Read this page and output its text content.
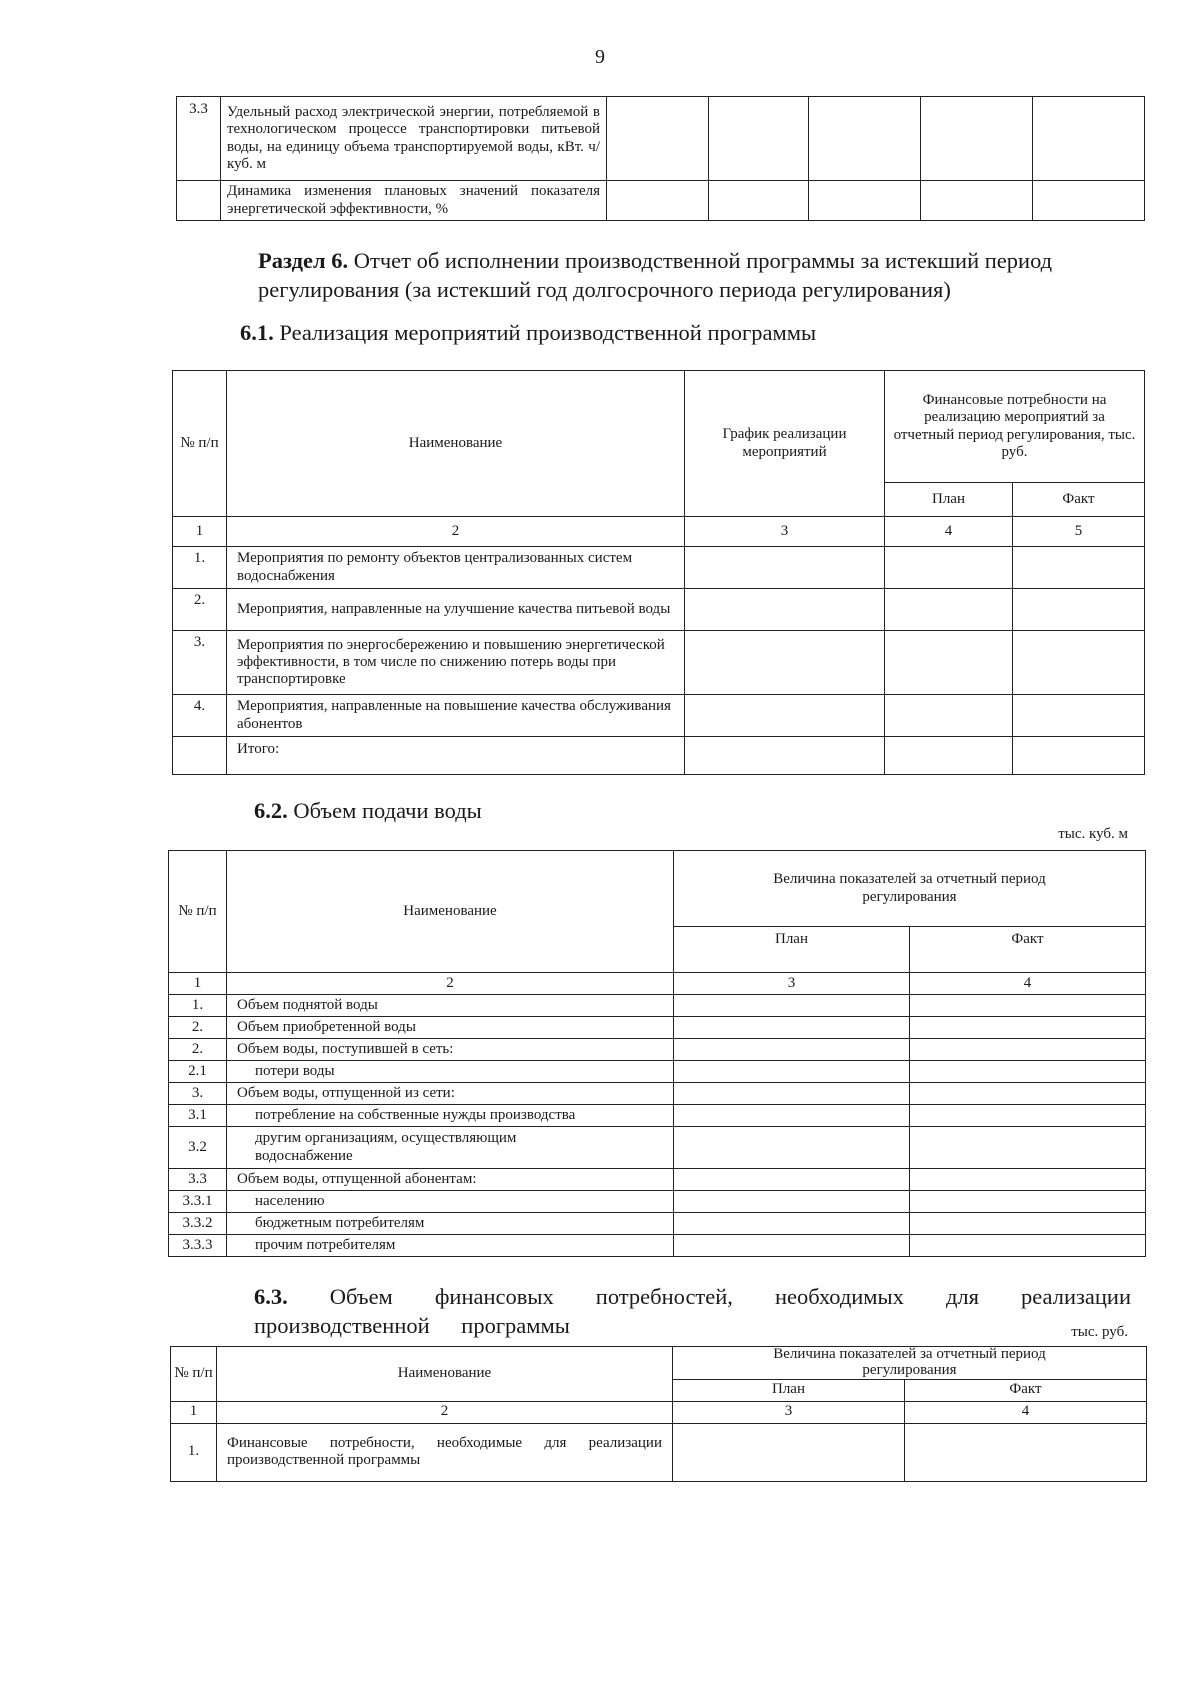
9
3.3	Удельный расход электрической энергии, потребляемой в технологическом процессе транспортировки питьевой воды, на единицу объема транспортируемой воды, кВт. ч/куб. м					
	Динамика изменения плановых значений показателя энергетической эффективности, %					
Раздел 6. Отчет об исполнении производственной программы за истекший период регулирования (за истекший год долгосрочного периода регулирования)
6.1. Реализация мероприятий производственной программы
№ п/п	Наименование	График реализации мероприятий	Финансовые потребности на реализацию мероприятий за отчетный период регулирования, тыс. руб.	
			План	Факт
1	2	3	4	5
1.	Мероприятия по ремонту объектов централизованных систем водоснабжения			
2.	Мероприятия, направленные на улучшение качества питьевой воды			
3.	Мероприятия по энергосбережению и повышению энергетической эффективности, в том числе по снижению потерь воды при транспортировке			
4.	Мероприятия, направленные на повышение качества обслуживания абонентов			
	Итого:			
6.2. Объем подачи воды
тыс. куб. м
№ п/п	Наименование	Величина показателей за отчетный период регулирования	
		План	Факт
1	2	3	4
1.	Объем поднятой воды		
2.	Объем приобретенной воды		
2.	Объем воды, поступившей в сеть:		
2.1	потери воды		
3.	Объем воды, отпущенной из сети:		
3.1	потребление на собственные нужды производства		
3.2	другим организациям, осуществляющим водоснабжение		
3.3	Объем воды, отпущенной абонентам:		
3.3.1	населению		
3.3.2	бюджетным потребителям		
3.3.3	прочим потребителям		
6.3. Объем финансовых потребностей, необходимых для реализации производственной программы	тыс. руб.
№ п/п	Наименование	Величина показателей за отчетный период регулирования	
		План	Факт
1	2	3	4
1.	Финансовые потребности, необходимые для реализации производственной программы		
